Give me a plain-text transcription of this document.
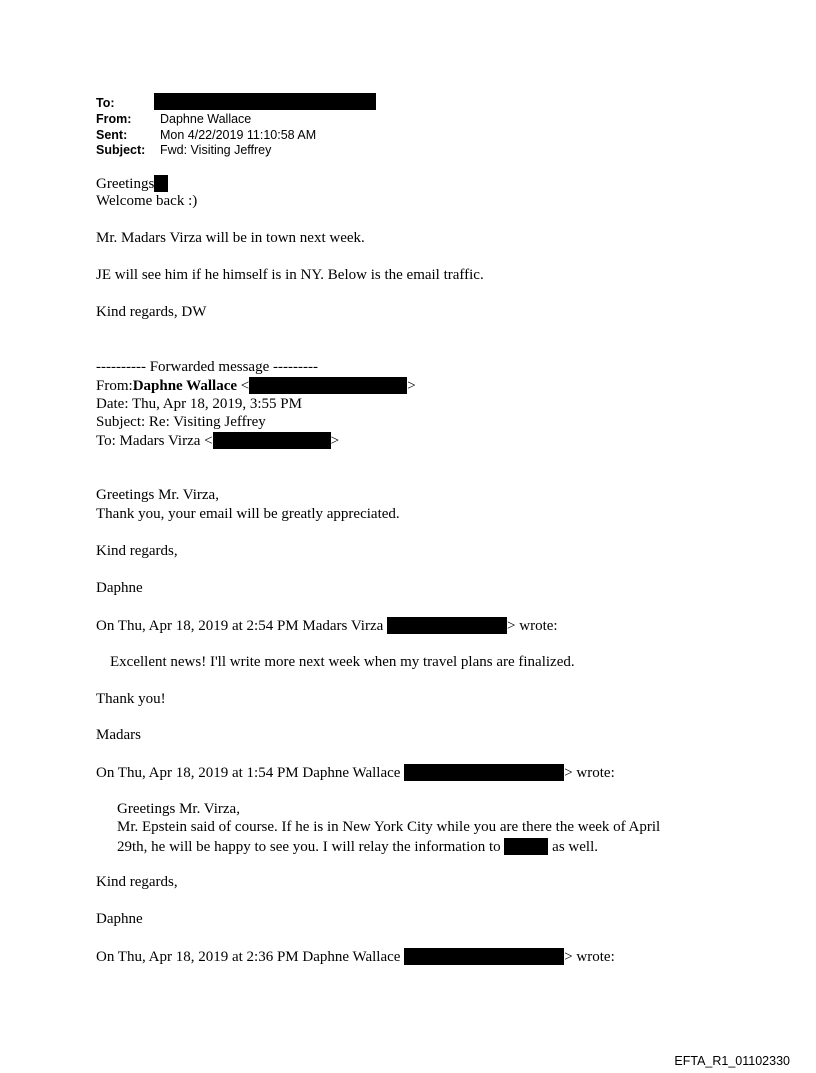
To:
From: Daphne Wallace
Sent:	Mon 4/22/2019 11:10:58 AM
Subject: Fwd: Visiting Jeffrey
Greetings
Welcome back :)
Mr. Madars Virza will be in town next week.
JE will see him if he himself is in NY. Below is the email traffic.
Kind regards, DW
---------- Forwarded message ---------
From:Daphne Wallace <	>
Date: Thu, Apr 18, 2019, 3:55 PM
Subject: Re: Visiting Jeffrey
To: Madars Virza <	>
Greetings Mr. Virza,
Thank you, your email will be greatly appreciated.
Kind regards,
Daphne
On Thu, Apr 18, 2019 at 2:54 PM Madars Virza	> wrote:
Excellent news! I'll write more next week when my travel plans are finalized.
Thank you!
Madars
On Thu, Apr 18, 2019 at 1:54 PM Daphne Wallace	> wrote:
Greetings Mr. Virza,
Mr. Epstein said of course. If he is in New York City while you are there the week of April
29th, he will be happy to see you. I will relay the information to	as well.
Kind regards,
Daphne
On Thu, Apr 18, 2019 at 2:36 PM Daphne Wallace	> wrote:
EFTA_R1_01102330
